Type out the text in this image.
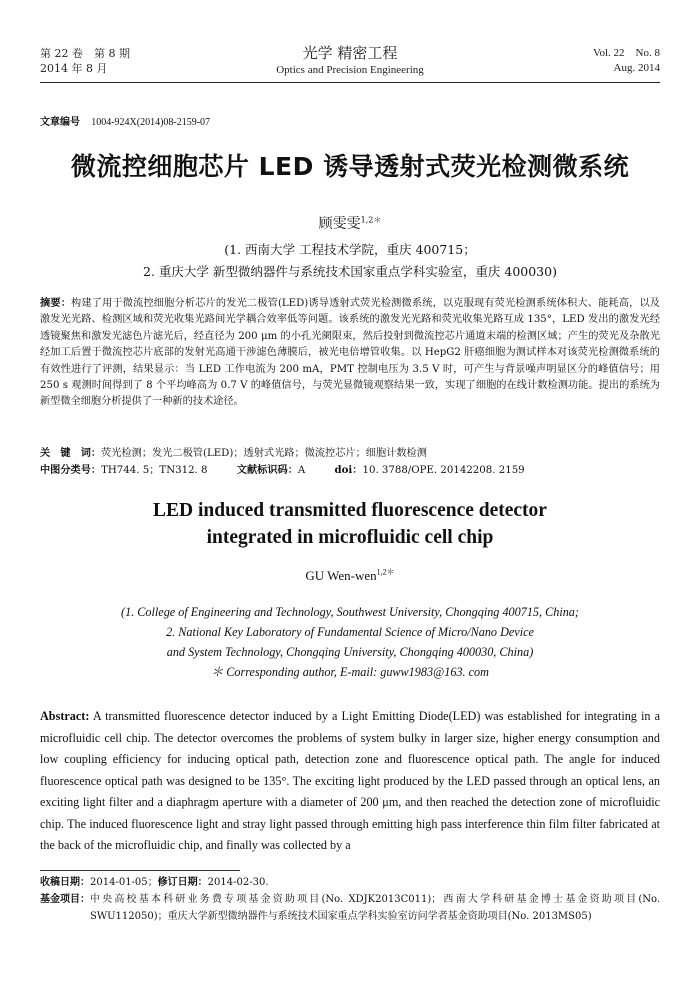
第 22 卷　第 8 期
2014 年 8 月
光学 精密工程
Optics and Precision Engineering
Vol. 22　No. 8
Aug. 2014
文章编号 1004-924X(2014)08-2159-07
微流控细胞芯片 LED 诱导透射式荧光检测微系统
顾雯雯$^{1,2*}$
(1. 西南大学 工程技术学院，重庆 400715；
2. 重庆大学 新型微纳器件与系统技术国家重点学科实验室，重庆 400030)
摘要：构建了用于微流控细胞分析芯片的发光二极管(LED)诱导透射式荧光检测微系统，以克服现有荧光检测系统体积大、能耗高，以及激发光光路、检测区域和荧光收集光路间光学耦合效率低等问题。该系统的激发光光路和荧光收集光路互成 135°，LED 发出的激发光经透镜聚焦和激发光滤色片滤光后，经直径为 200 μm 的小孔光阑限束，然后投射到微流控芯片通道末端的检测区域；产生的荧光及杂散光经加工后置于微流控芯片底部的发射光高通干涉滤色薄膜后，被光电倍增管收集。以 HepG2 肝癌细胞为测试样本对该荧光检测微系统的有效性进行了评测，结果显示：当 LED 工作电流为 200 mA，PMT 控制电压为 3.5 V 时，可产生与背景噪声明显区分的峰值信号；用 250 s 观测时间得到了 8 个平均峰高为 0.7 V 的峰值信号，与荧光显微镜观察结果一致，实现了细胞的在线计数检测功能。提出的系统为新型微全细胞分析提供了一种新的技术途径。
关　键　词：荧光检测；发光二极管(LED)；透射式光路；微流控芯片；细胞计数检测
中图分类号：TH744. 5；TN312. 8	文献标识码：A	doi：10. 3788/OPE. 20142208. 2159
LED induced transmitted fluorescence detector
integrated in microfluidic cell chip
GU Wen-wen$^{1,2*}$
(1. College of Engineering and Technology, Southwest University, Chongqing 400715, China;
2. National Key Laboratory of Fundamental Science of Micro/Nano Device
and System Technology, Chongqing University, Chongqing 400030, China)
＊ Corresponding author, E-mail: guww1983@163. com
Abstract: A transmitted fluorescence detector induced by a Light Emitting Diode(LED) was established for integrating in a microfluidic cell chip. The detector overcomes the problems of system bulky in larger size, higher energy consumption and low coupling efficiency for inducing optical path, detection zone and fluorescence optical path. The angle for induced fluorescence optical path was designed to be 135°. The exciting light produced by the LED passed through an optical lens, an exciting light filter and a diaphragm aperture with a diameter of 200 μm, and then reached the detection zone of microfluidic chip. The induced fluorescence light and stray light passed through emitting high pass interference thin film filter fabricated at the back of the microfluidic chip, and finally was collected by a
收稿日期：2014-01-05；修订日期：2014-02-30.
基金项目： 中央高校基本科研业务费专项基金资助项目(No. XDJK2013C011)；西南大学科研基金博士基金资助项目(No. SWU112050)；重庆大学新型微纳器件与系统技术国家重点学科实验室访问学者基金资助项目(No. 2013MS05)
